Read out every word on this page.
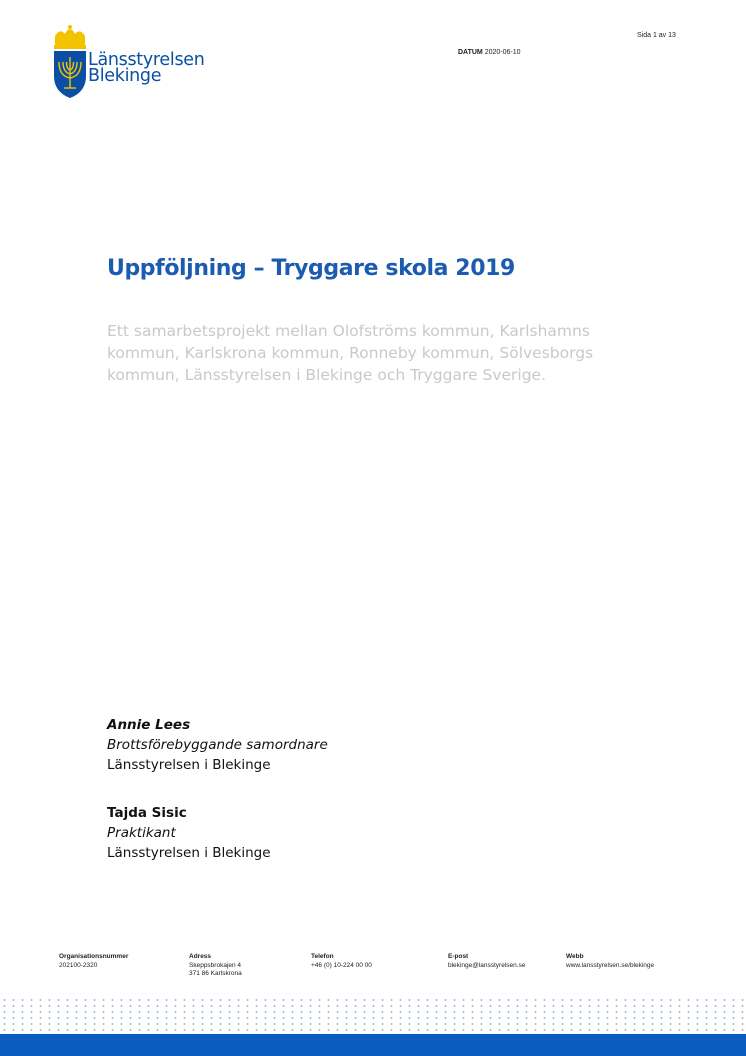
Länsstyrelsen
Blekinge
DATUM 2020-06-10
Sida 1 av 13
Uppföljning – Tryggare skola 2019
Ett samarbetsprojekt mellan Olofströms kommun, Karlshamns kommun, Karlskrona kommun, Ronneby kommun, Sölvesborgs kommun, Länsstyrelsen i Blekinge och Tryggare Sverige.
Annie Lees
Brottsförebyggande samordnare
Länsstyrelsen i Blekinge
Tajda Sisic
Praktikant
Länsstyrelsen i Blekinge
Organisationsnummer
202100-2320
Adress
Skeppsbrokajen 4
371 86 Karlskrona
Telefon
+46 (0) 10-224 00 00
E-post
blekinge@lansstyrelsen.se
Webb
www.lansstyrelsen.se/blekinge
